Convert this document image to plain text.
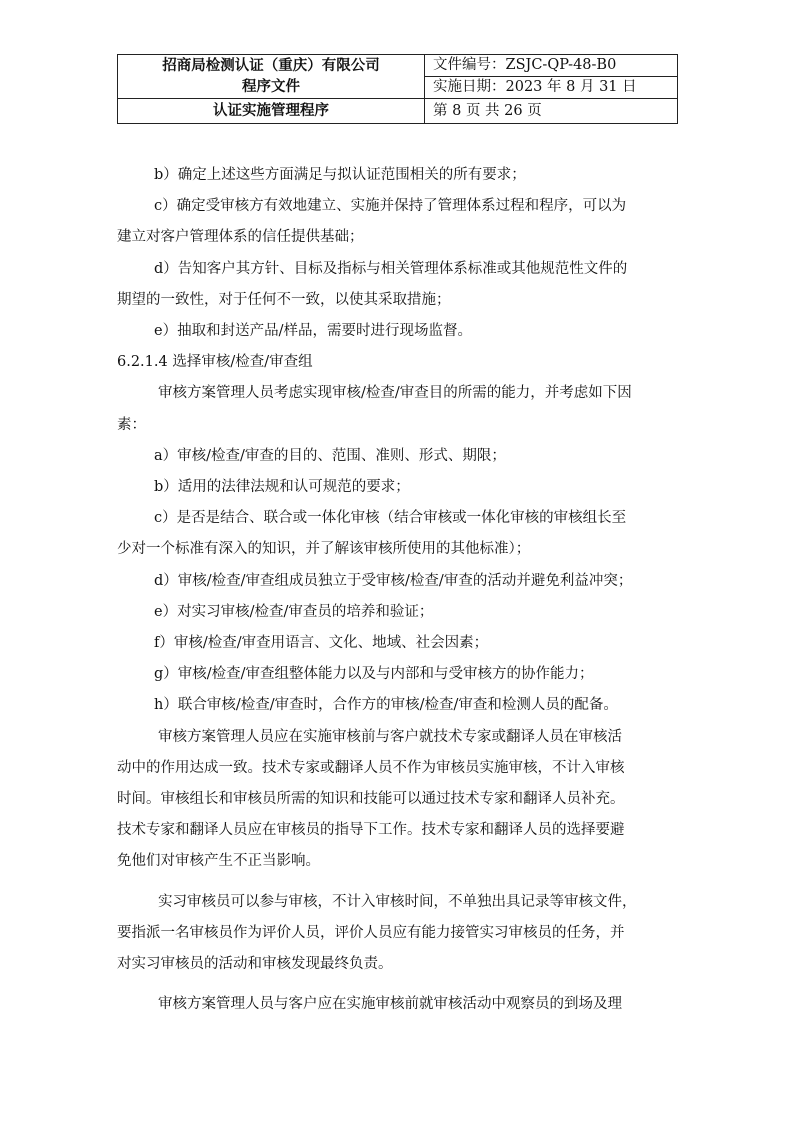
招商局检测认证（重庆）有限公司
程序文件	文件编号：ZSJC-QP-48-B0
	实施日期：2023 年 8 月 31 日
认证实施管理程序	第 8 页 共 26 页

b）确定上述这些方面满足与拟认证范围相关的所有要求；

c）确定受审核方有效地建立、实施并保持了管理体系过程和程序，可以为

建立对客户管理体系的信任提供基础；

d）告知客户其方针、目标及指标与相关管理体系标准或其他规范性文件的

期望的一致性，对于任何不一致，以使其采取措施；

e）抽取和封送产品/样品，需要时进行现场监督。

6.2.1.4 选择审核/检查/审查组

审核方案管理人员考虑实现审核/检查/审查目的所需的能力，并考虑如下因

素：

a）审核/检查/审查的目的、范围、准则、形式、期限；

b）适用的法律法规和认可规范的要求；

c）是否是结合、联合或一体化审核（结合审核或一体化审核的审核组长至

少对一个标准有深入的知识，并了解该审核所使用的其他标准）；

d）审核/检查/审查组成员独立于受审核/检查/审查的活动并避免利益冲突；

e）对实习审核/检查/审查员的培养和验证；

f）审核/检查/审查用语言、文化、地域、社会因素；

g）审核/检查/审查组整体能力以及与内部和与受审核方的协作能力；

h）联合审核/检查/审查时，合作方的审核/检查/审查和检测人员的配备。

审核方案管理人员应在实施审核前与客户就技术专家或翻译人员在审核活

动中的作用达成一致。技术专家或翻译人员不作为审核员实施审核，不计入审核

时间。审核组长和审核员所需的知识和技能可以通过技术专家和翻译人员补充。

技术专家和翻译人员应在审核员的指导下工作。技术专家和翻译人员的选择要避

免他们对审核产生不正当影响。

实习审核员可以参与审核，不计入审核时间，不单独出具记录等审核文件，

要指派一名审核员作为评价人员，评价人员应有能力接管实习审核员的任务，并

对实习审核员的活动和审核发现最终负责。

审核方案管理人员与客户应在实施审核前就审核活动中观察员的到场及理
